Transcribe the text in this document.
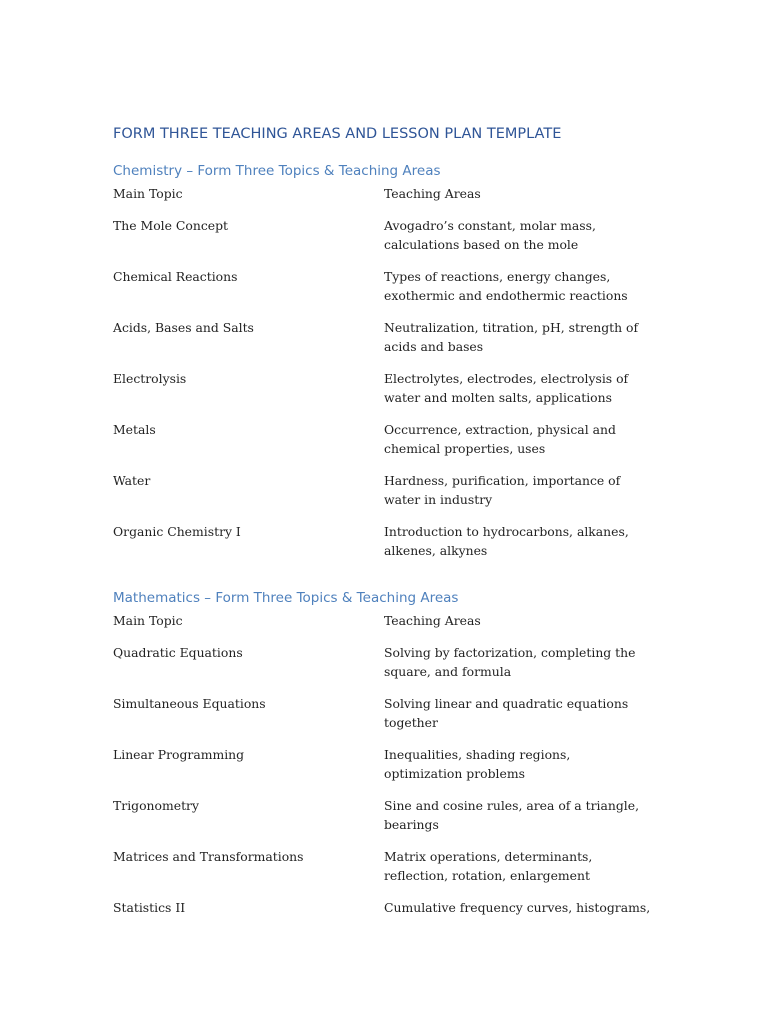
FORM THREE TEACHING AREAS AND LESSON PLAN TEMPLATE
Chemistry – Form Three Topics & Teaching Areas
Main Topic	Teaching Areas
The Mole Concept	Avogadro’s constant, molar mass, calculations based on the mole
Chemical Reactions	Types of reactions, energy changes, exothermic and endothermic reactions
Acids, Bases and Salts	Neutralization, titration, pH, strength of acids and bases
Electrolysis	Electrolytes, electrodes, electrolysis of water and molten salts, applications
Metals	Occurrence, extraction, physical and chemical properties, uses
Water	Hardness, purification, importance of water in industry
Organic Chemistry I	Introduction to hydrocarbons, alkanes, alkenes, alkynes
Mathematics – Form Three Topics & Teaching Areas
Main Topic	Teaching Areas
Quadratic Equations	Solving by factorization, completing the square, and formula
Simultaneous Equations	Solving linear and quadratic equations together
Linear Programming	Inequalities, shading regions, optimization problems
Trigonometry	Sine and cosine rules, area of a triangle, bearings
Matrices and Transformations	Matrix operations, determinants, reflection, rotation, enlargement
Statistics II	Cumulative frequency curves, histograms,
